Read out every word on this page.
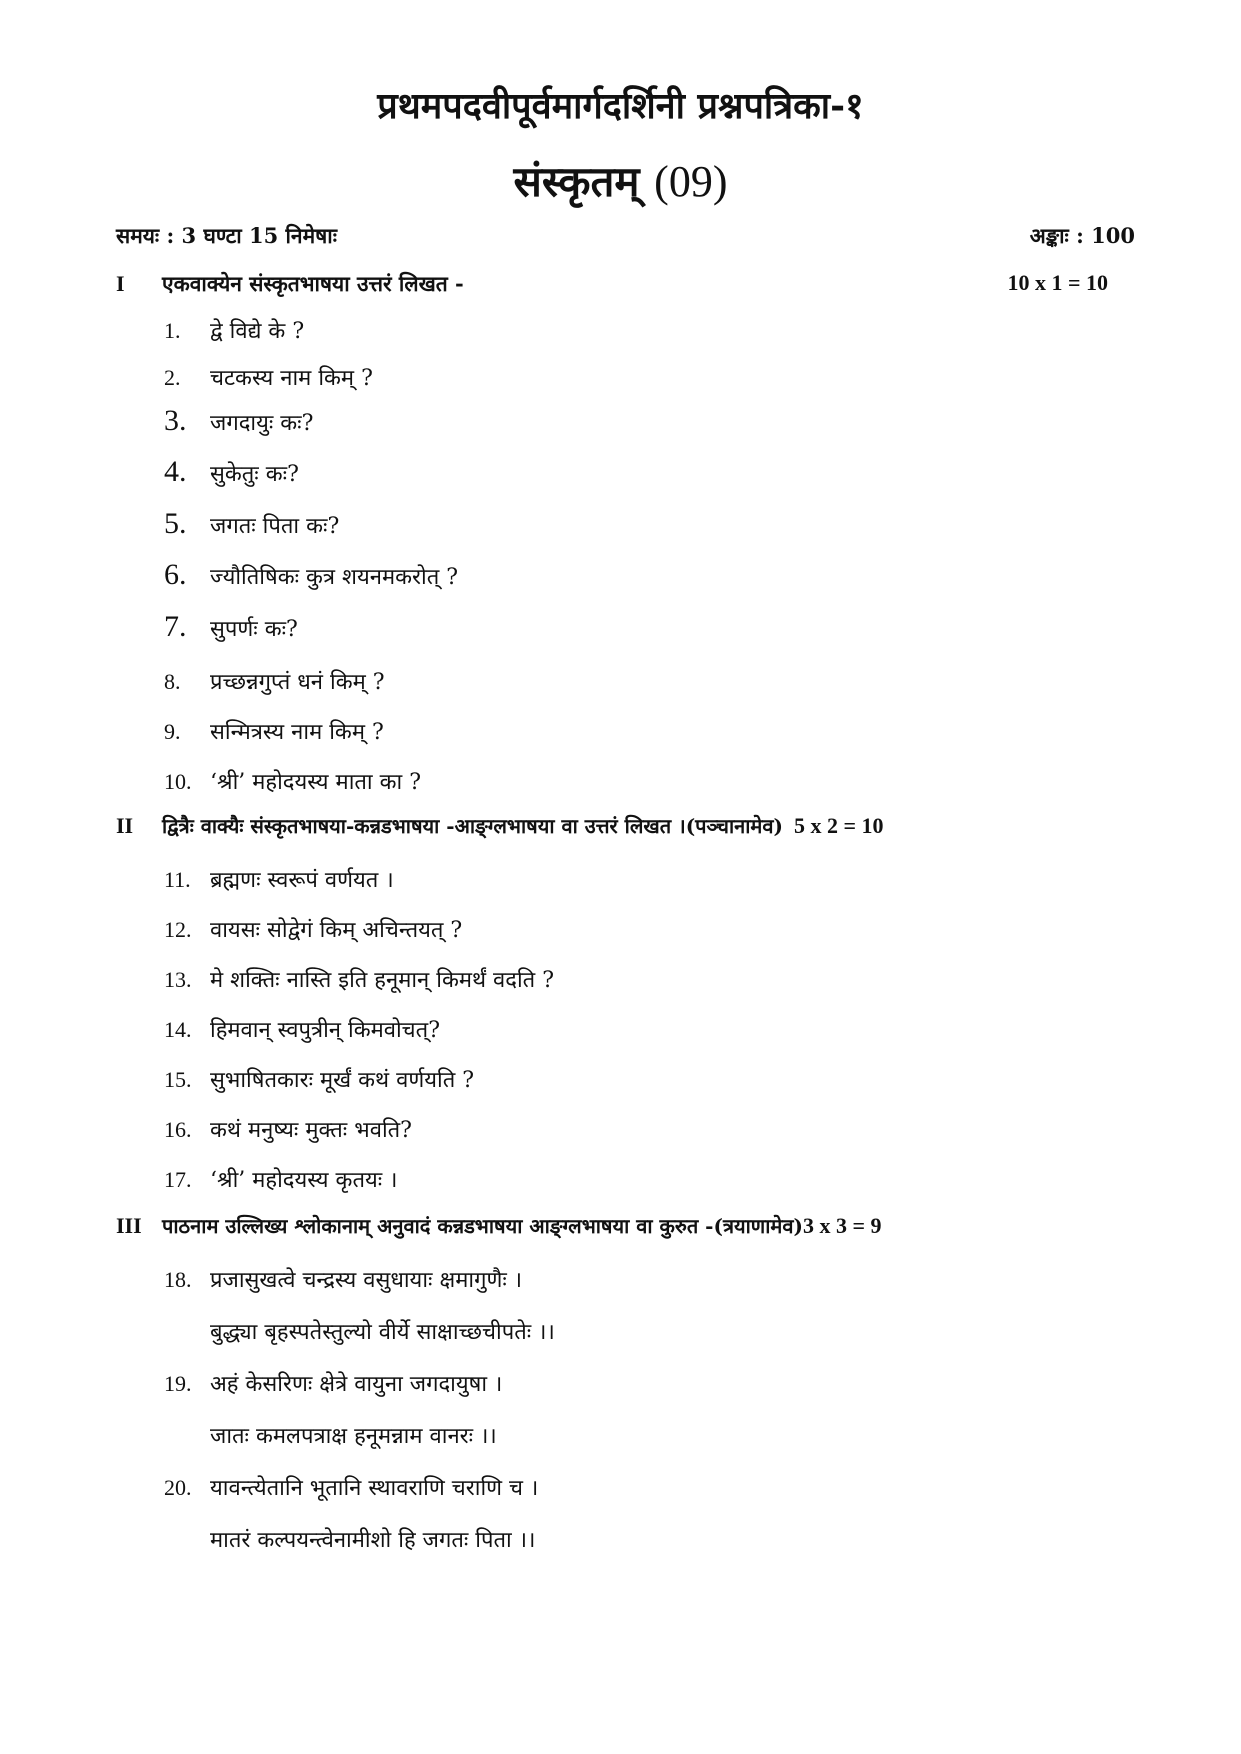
प्रथमपदवीपूर्वमार्गदर्शिनी प्रश्नपत्रिका-१
संस्कृतम् (09)
समयः : 3 घण्टा 15 निमेषाः	अङ्काः : 100
I एकवाक्येन संस्कृतभाषया उत्तरं लिखत -	10 x 1 = 10
1. द्वे विद्ये के ?
2. चटकस्य नाम किम् ?
3. जगदायुः कः?
4. सुकेतुः कः?
5. जगतः पिता कः?
6. ज्यौतिषिकः कुत्र शयनमकरोत् ?
7. सुपर्णः कः?
8. प्रच्छन्नगुप्तं धनं किम् ?
9. सन्मित्रस्य नाम किम् ?
10. ‘श्री’ महोदयस्य माता का ?
II द्वित्रैः वाक्यैः संस्कृतभाषया-कन्नडभाषया -आङ्ग्लभाषया वा उत्तरं लिखत ।(पञ्चानामेव) 5 x 2 = 10
11. ब्रह्मणः स्वरूपं वर्णयत ।
12. वायसः सोद्वेगं किम् अचिन्तयत् ?
13. मे शक्तिः नास्ति इति हनूमान् किमर्थं वदति ?
14. हिमवान् स्वपुत्रीन् किमवोचत्?
15. सुभाषितकारः मूर्खं कथं वर्णयति ?
16. कथं मनुष्यः मुक्तः भवति?
17. ‘श्री’ महोदयस्य कृतयः ।
III पाठनाम उल्लिख्य श्लोकानाम् अनुवादं कन्नडभाषया आङ्ग्लभाषया वा कुरुत -(त्रयाणामेव)3 x 3 = 9
18. प्रजासुखत्वे चन्द्रस्य वसुधायाः क्षमागुणैः ।
बुद्ध्या बृहस्पतेस्तुल्यो वीर्ये साक्षाच्छचीपतेः ।।
19. अहं केसरिणः क्षेत्रे वायुना जगदायुषा ।
जातः कमलपत्राक्ष हनूमन्नाम वानरः ।।
20. यावन्त्येतानि भूतानि स्थावराणि चराणि च ।
मातरं कल्पयन्त्वेनामीशो हि जगतः पिता ।।
